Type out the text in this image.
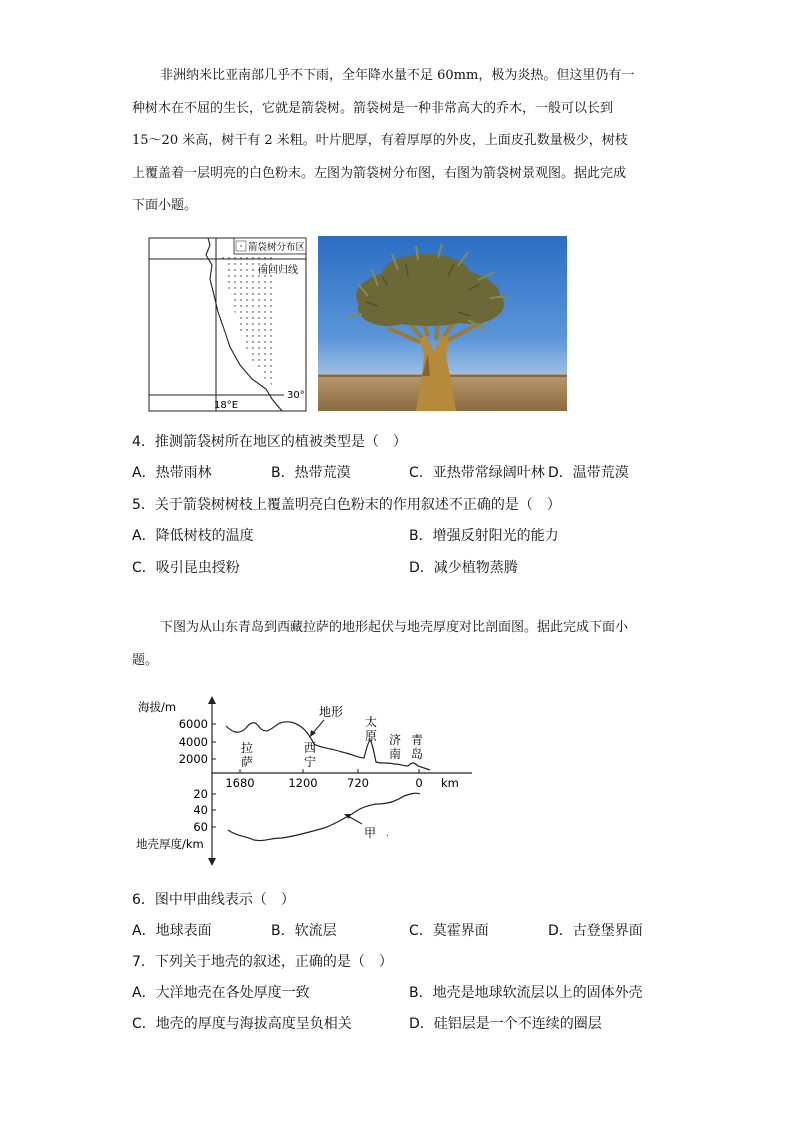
非洲纳米比亚南部几乎不下雨，全年降水量不足 60mm，极为炎热。但这里仍有一
种树木在不屈的生长，它就是箭袋树。箭袋树是一种非常高大的乔木，一般可以长到
15～20 米高，树干有 2 米粗。叶片肥厚，有着厚厚的外皮，上面皮孔数量极少，树枝
上覆盖着一层明亮的白色粉末。左图为箭袋树分布图，右图为箭袋树景观图。据此完成
下面小题。
箭袋树分布区
南回归线
30°
18°E
4．推测箭袋树所在地区的植被类型是（　）
A．热带雨林	B．热带荒漠	C．亚热带常绿阔叶林 D．温带荒漠
5．关于箭袋树树枝上覆盖明亮白色粉末的作用叙述不正确的是（　）
A．降低树枝的温度	B．增强反射阳光的能力
C．吸引昆虫授粉	D．减少植物蒸腾
下图为从山东青岛到西藏拉萨的地形起伏与地壳厚度对比剖面图。据此完成下面小
题。
海拔/m
6000
4000
2000
1680	1200	720	0 km
20
40
60
地壳厚度/km
地形
甲 .
拉
萨
西
宁
太
原 济
南
青
岛
6．图中甲曲线表示（　）
A．地球表面	B．软流层	C．莫霍界面	D．古登堡界面
7．下列关于地壳的叙述，正确的是（　）
A．大洋地壳在各处厚度一致	B．地壳是地球软流层以上的固体外壳
C．地壳的厚度与海拔高度呈负相关	D．硅铝层是一个不连续的圈层
